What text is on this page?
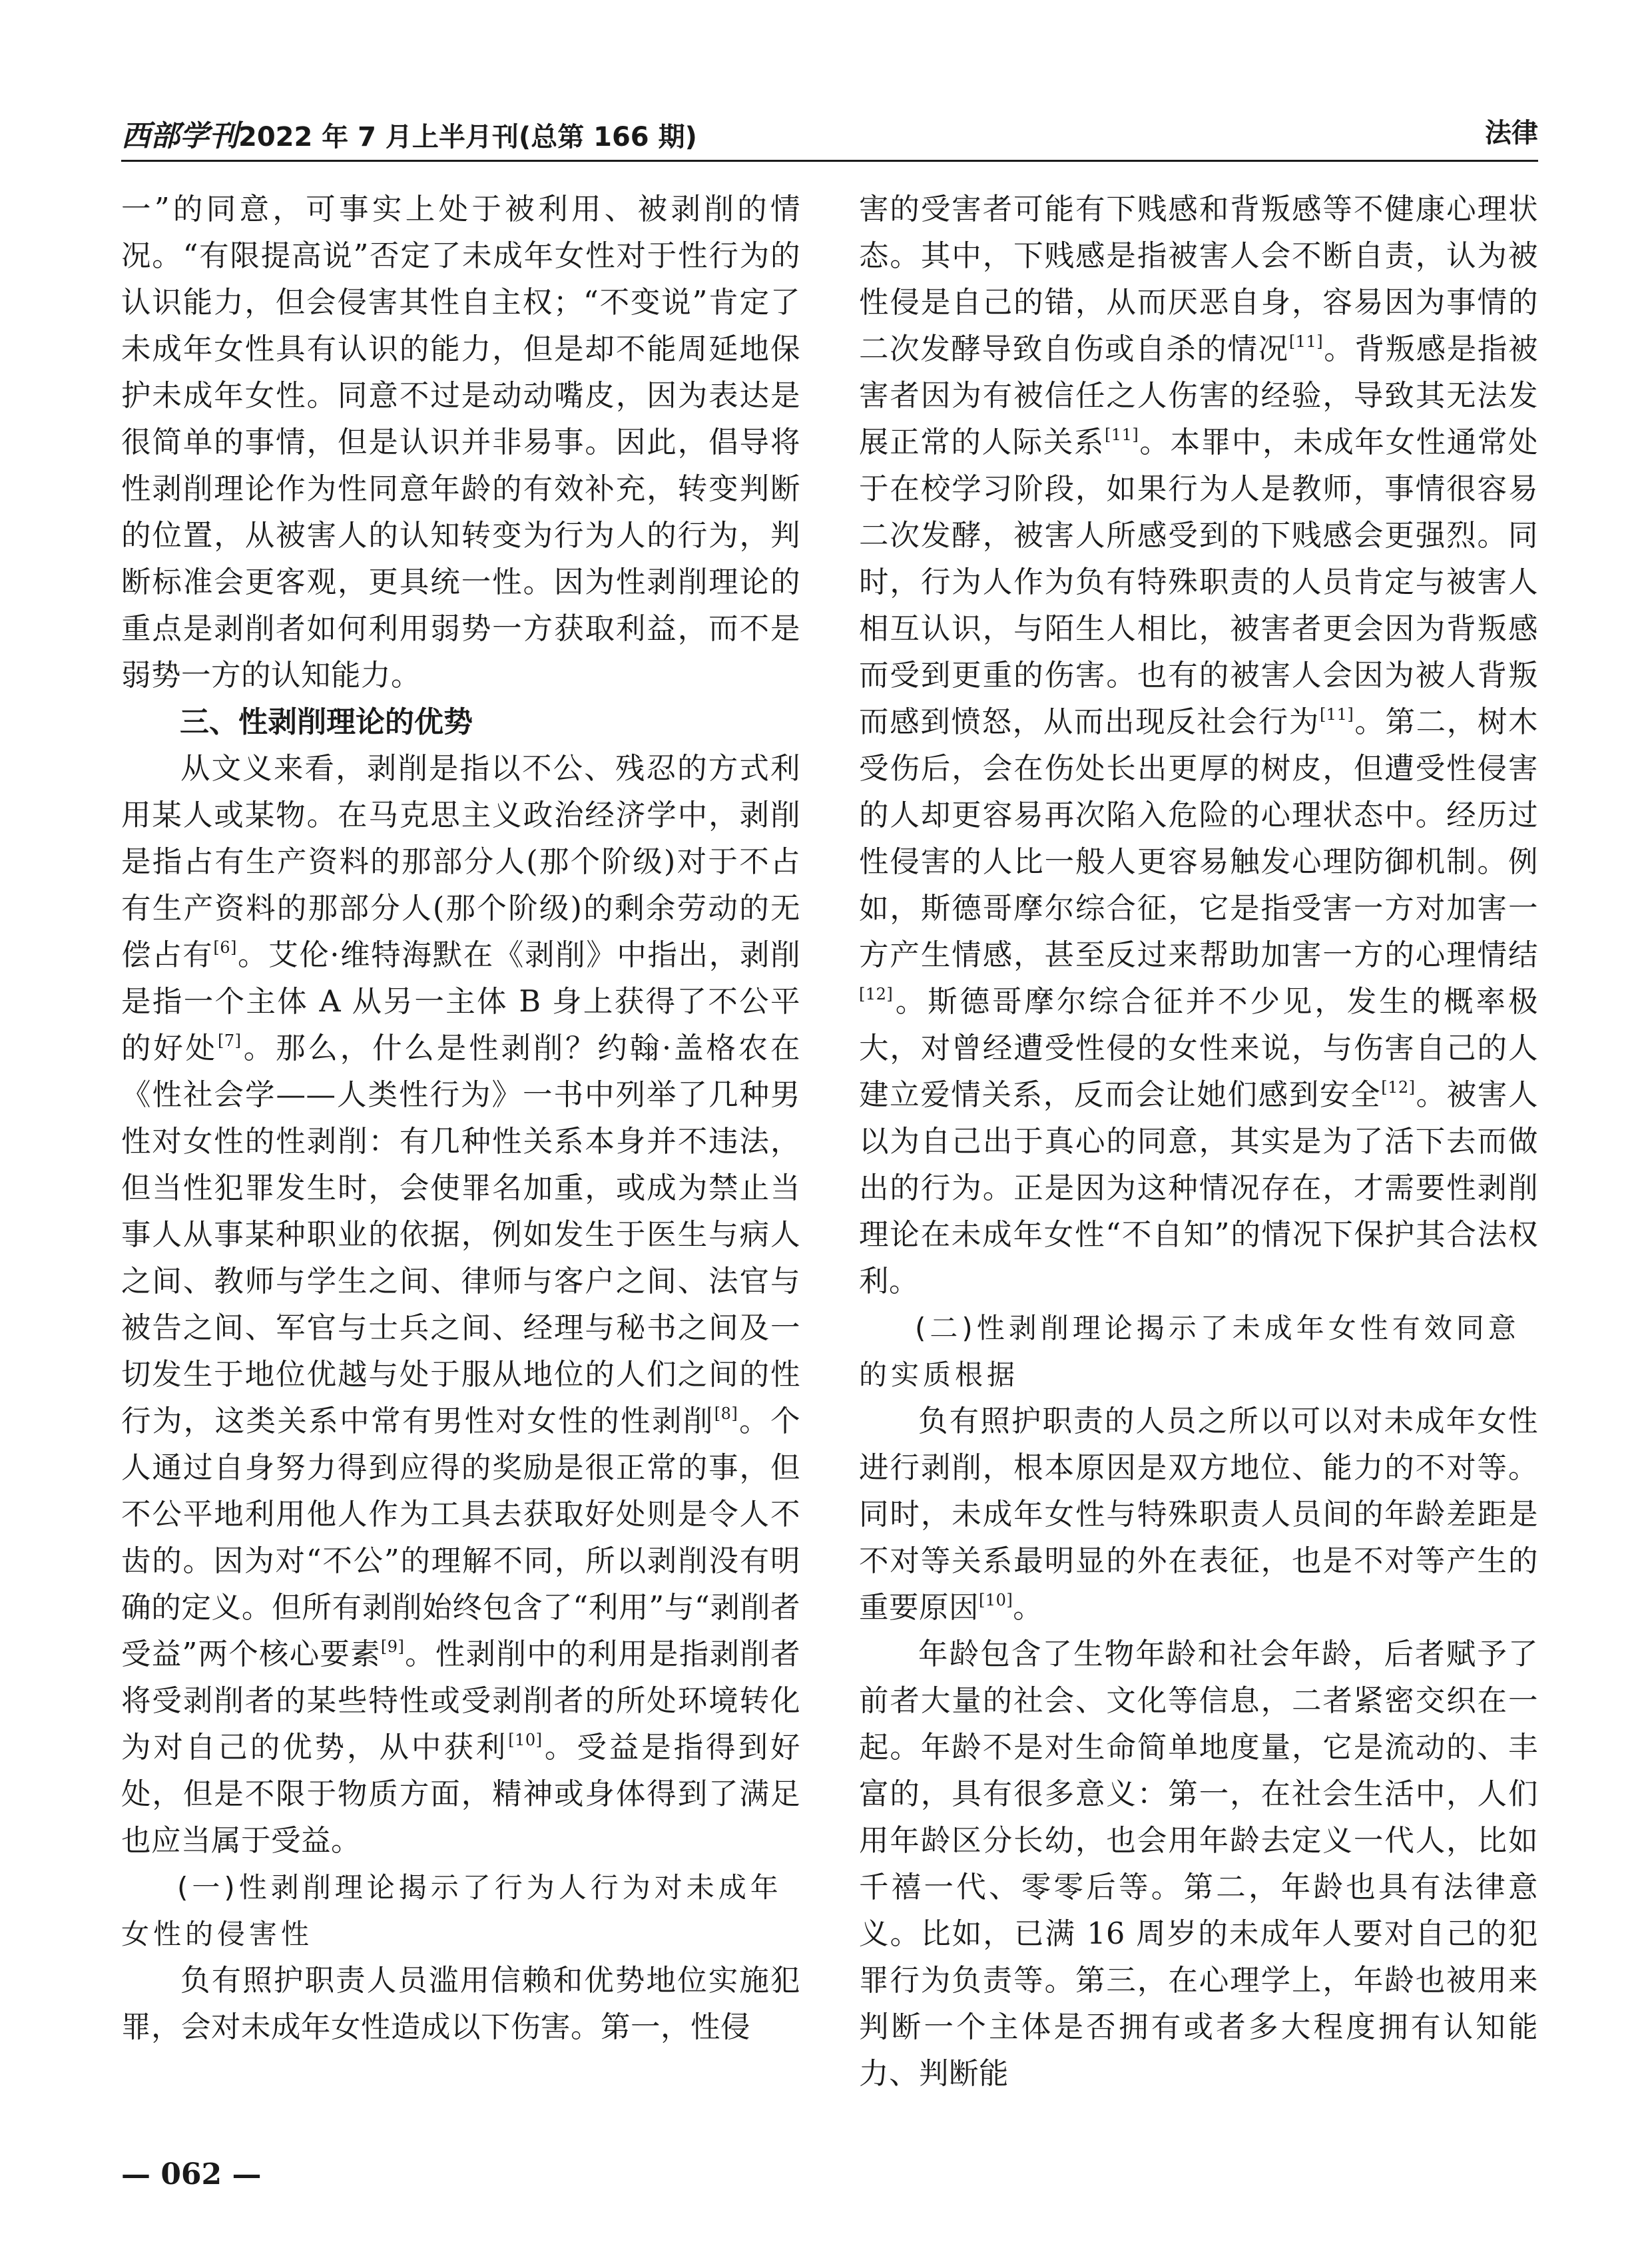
西部学刊2022 年 7 月上半月刊(总第 166 期)	法律

一”的同意，可事实上处于被利用、被剥削的情况。“有限提高说”否定了未成年女性对于性行为的认识能力，但会侵害其性自主权；“不变说”肯定了未成年女性具有认识的能力，但是却不能周延地保护未成年女性。同意不过是动动嘴皮，因为表达是很简单的事情，但是认识并非易事。因此，倡导将性剥削理论作为性同意年龄的有效补充，转变判断的位置，从被害人的认知转变为行为人的行为，判断标准会更客观，更具统一性。因为性剥削理论的重点是剥削者如何利用弱势一方获取利益，而不是弱势一方的认知能力。

三、性剥削理论的优势

从文义来看，剥削是指以不公、残忍的方式利用某人或某物。在马克思主义政治经济学中，剥削是指占有生产资料的那部分人(那个阶级)对于不占有生产资料的那部分人(那个阶级)的剩余劳动的无偿占有[6]。艾伦·维特海默在《剥削》中指出，剥削是指一个主体 A 从另一主体 B 身上获得了不公平的好处[7]。那么，什么是性剥削？约翰·盖格农在《性社会学——人类性行为》一书中列举了几种男性对女性的性剥削：有几种性关系本身并不违法，但当性犯罪发生时，会使罪名加重，或成为禁止当事人从事某种职业的依据，例如发生于医生与病人之间、教师与学生之间、律师与客户之间、法官与被告之间、军官与士兵之间、经理与秘书之间及一切发生于地位优越与处于服从地位的人们之间的性行为，这类关系中常有男性对女性的性剥削[8]。个人通过自身努力得到应得的奖励是很正常的事，但不公平地利用他人作为工具去获取好处则是令人不齿的。因为对“不公”的理解不同，所以剥削没有明确的定义。但所有剥削始终包含了“利用”与“剥削者受益”两个核心要素[9]。性剥削中的利用是指剥削者将受剥削者的某些特性或受剥削者的所处环境转化为对自己的优势，从中获利[10]。受益是指得到好处，但是不限于物质方面，精神或身体得到了满足也应当属于受益。

(一)性剥削理论揭示了行为人行为对未成年女性的侵害性

负有照护职责人员滥用信赖和优势地位实施犯罪，会对未成年女性造成以下伤害。第一，性侵

害的受害者可能有下贱感和背叛感等不健康心理状态。其中，下贱感是指被害人会不断自责，认为被性侵是自己的错，从而厌恶自身，容易因为事情的二次发酵导致自伤或自杀的情况[11]。背叛感是指被害者因为有被信任之人伤害的经验，导致其无法发展正常的人际关系[11]。本罪中，未成年女性通常处于在校学习阶段，如果行为人是教师，事情很容易二次发酵，被害人所感受到的下贱感会更强烈。同时，行为人作为负有特殊职责的人员肯定与被害人相互认识，与陌生人相比，被害者更会因为背叛感而受到更重的伤害。也有的被害人会因为被人背叛而感到愤怒，从而出现反社会行为[11]。第二，树木受伤后，会在伤处长出更厚的树皮，但遭受性侵害的人却更容易再次陷入危险的心理状态中。经历过性侵害的人比一般人更容易触发心理防御机制。例如，斯德哥摩尔综合征，它是指受害一方对加害一方产生情感，甚至反过来帮助加害一方的心理情结[12]。斯德哥摩尔综合征并不少见，发生的概率极大，对曾经遭受性侵的女性来说，与伤害自己的人建立爱情关系，反而会让她们感到安全[12]。被害人以为自己出于真心的同意，其实是为了活下去而做出的行为。正是因为这种情况存在，才需要性剥削理论在未成年女性“不自知”的情况下保护其合法权利。

(二)性剥削理论揭示了未成年女性有效同意的实质根据

负有照护职责的人员之所以可以对未成年女性进行剥削，根本原因是双方地位、能力的不对等。同时，未成年女性与特殊职责人员间的年龄差距是不对等关系最明显的外在表征，也是不对等产生的重要原因[10]。

年龄包含了生物年龄和社会年龄，后者赋予了前者大量的社会、文化等信息，二者紧密交织在一起。年龄不是对生命简单地度量，它是流动的、丰富的，具有很多意义：第一，在社会生活中，人们用年龄区分长幼，也会用年龄去定义一代人，比如千禧一代、零零后等。第二，年龄也具有法律意义。比如，已满 16 周岁的未成年人要对自己的犯罪行为负责等。第三，在心理学上，年龄也被用来判断一个主体是否拥有或者多大程度拥有认知能力、判断能

— 062 —
